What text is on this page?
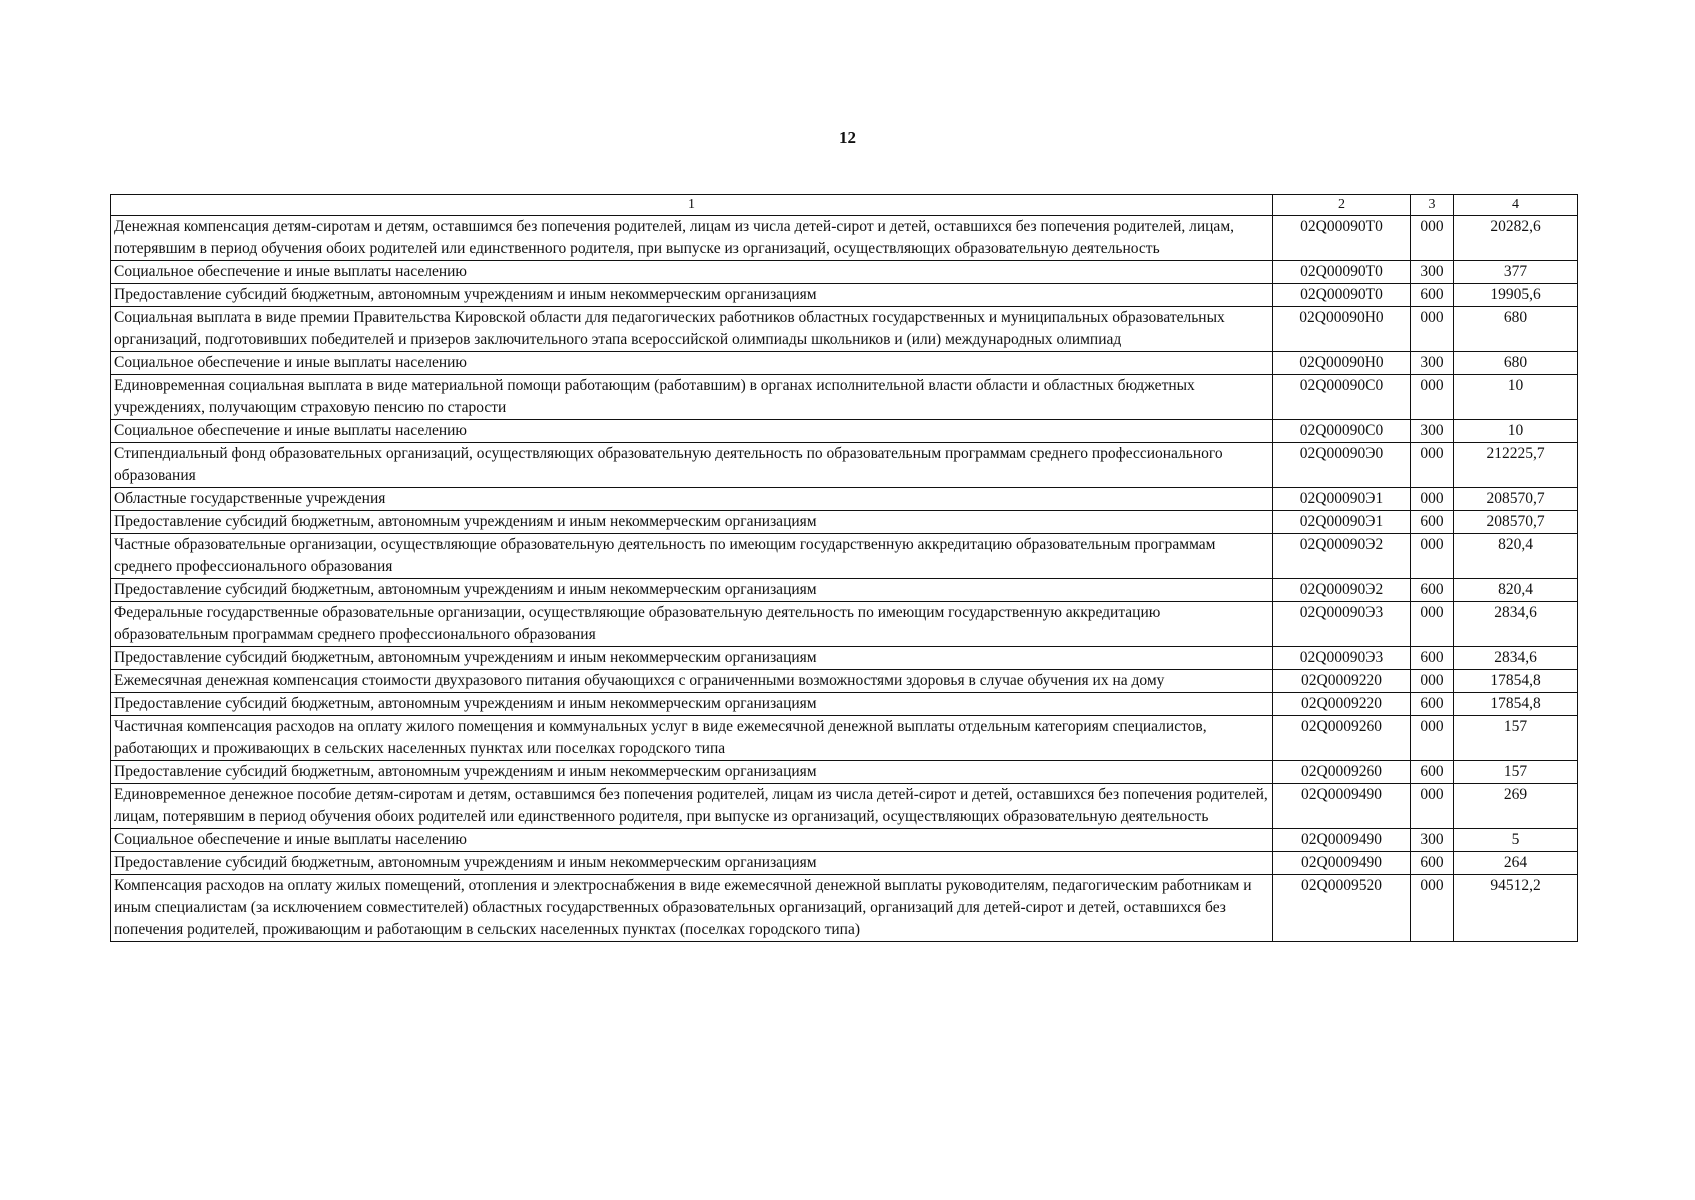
12
1	2	3	4
Денежная компенсация детям-сиротам и детям, оставшимся без попечения родителей, лицам из числа детей-сирот и детей, оставшихся без попечения родителей, лицам, потерявшим в период обучения обоих родителей или единственного родителя, при выпуске из организаций, осуществляющих образовательную деятельность	02Q00090Т0	000	20282,6
Социальное обеспечение и иные выплаты населению	02Q00090Т0	300	377
Предоставление субсидий бюджетным, автономным учреждениям и иным некоммерческим организациям	02Q00090Т0	600	19905,6
Социальная выплата в виде премии Правительства Кировской области для педагогических работников областных государственных и муниципальных образовательных организаций, подготовивших победителей и призеров заключительного этапа всероссийской олимпиады школьников и (или) международных олимпиад	02Q00090Н0	000	680
Социальное обеспечение и иные выплаты населению	02Q00090Н0	300	680
Единовременная социальная выплата в виде материальной помощи работающим (работавшим) в органах исполнительной власти области и областных бюджетных учреждениях, получающим страховую пенсию по старости	02Q00090С0	000	10
Социальное обеспечение и иные выплаты населению	02Q00090С0	300	10
Стипендиальный фонд образовательных организаций, осуществляющих образовательную деятельность по образовательным программам среднего профессионального образования	02Q00090Э0	000	212225,7
Областные государственные учреждения	02Q00090Э1	000	208570,7
Предоставление субсидий бюджетным, автономным учреждениям и иным некоммерческим организациям	02Q00090Э1	600	208570,7
Частные образовательные организации, осуществляющие образовательную деятельность по имеющим государственную аккредитацию образовательным программам среднего профессионального образования	02Q00090Э2	000	820,4
Предоставление субсидий бюджетным, автономным учреждениям и иным некоммерческим организациям	02Q00090Э2	600	820,4
Федеральные государственные образовательные организации, осуществляющие образовательную деятельность по имеющим государственную аккредитацию образовательным программам среднего профессионального образования	02Q00090Э3	000	2834,6
Предоставление субсидий бюджетным, автономным учреждениям и иным некоммерческим организациям	02Q00090Э3	600	2834,6
Ежемесячная денежная компенсация стоимости двухразового питания обучающихся с ограниченными возможностями здоровья в случае обучения их на дому	02Q0009220	000	17854,8
Предоставление субсидий бюджетным, автономным учреждениям и иным некоммерческим организациям	02Q0009220	600	17854,8
Частичная компенсация расходов на оплату жилого помещения и коммунальных услуг в виде ежемесячной денежной выплаты отдельным категориям специалистов, работающих и проживающих в сельских населенных пунктах или поселках городского типа	02Q0009260	000	157
Предоставление субсидий бюджетным, автономным учреждениям и иным некоммерческим организациям	02Q0009260	600	157
Единовременное денежное пособие детям-сиротам и детям, оставшимся без попечения родителей, лицам из числа детей-сирот и детей, оставшихся без попечения родителей, лицам, потерявшим в период обучения обоих родителей или единственного родителя, при выпуске из организаций, осуществляющих образовательную деятельность	02Q0009490	000	269
Социальное обеспечение и иные выплаты населению	02Q0009490	300	5
Предоставление субсидий бюджетным, автономным учреждениям и иным некоммерческим организациям	02Q0009490	600	264
Компенсация расходов на оплату жилых помещений, отопления и электроснабжения в виде ежемесячной денежной выплаты руководителям, педагогическим работникам и иным специалистам (за исключением совместителей) областных государственных образовательных организаций, организаций для детей-сирот и детей, оставшихся без попечения родителей, проживающим и работающим в сельских населенных пунктах (поселках городского типа)	02Q0009520	000	94512,2
